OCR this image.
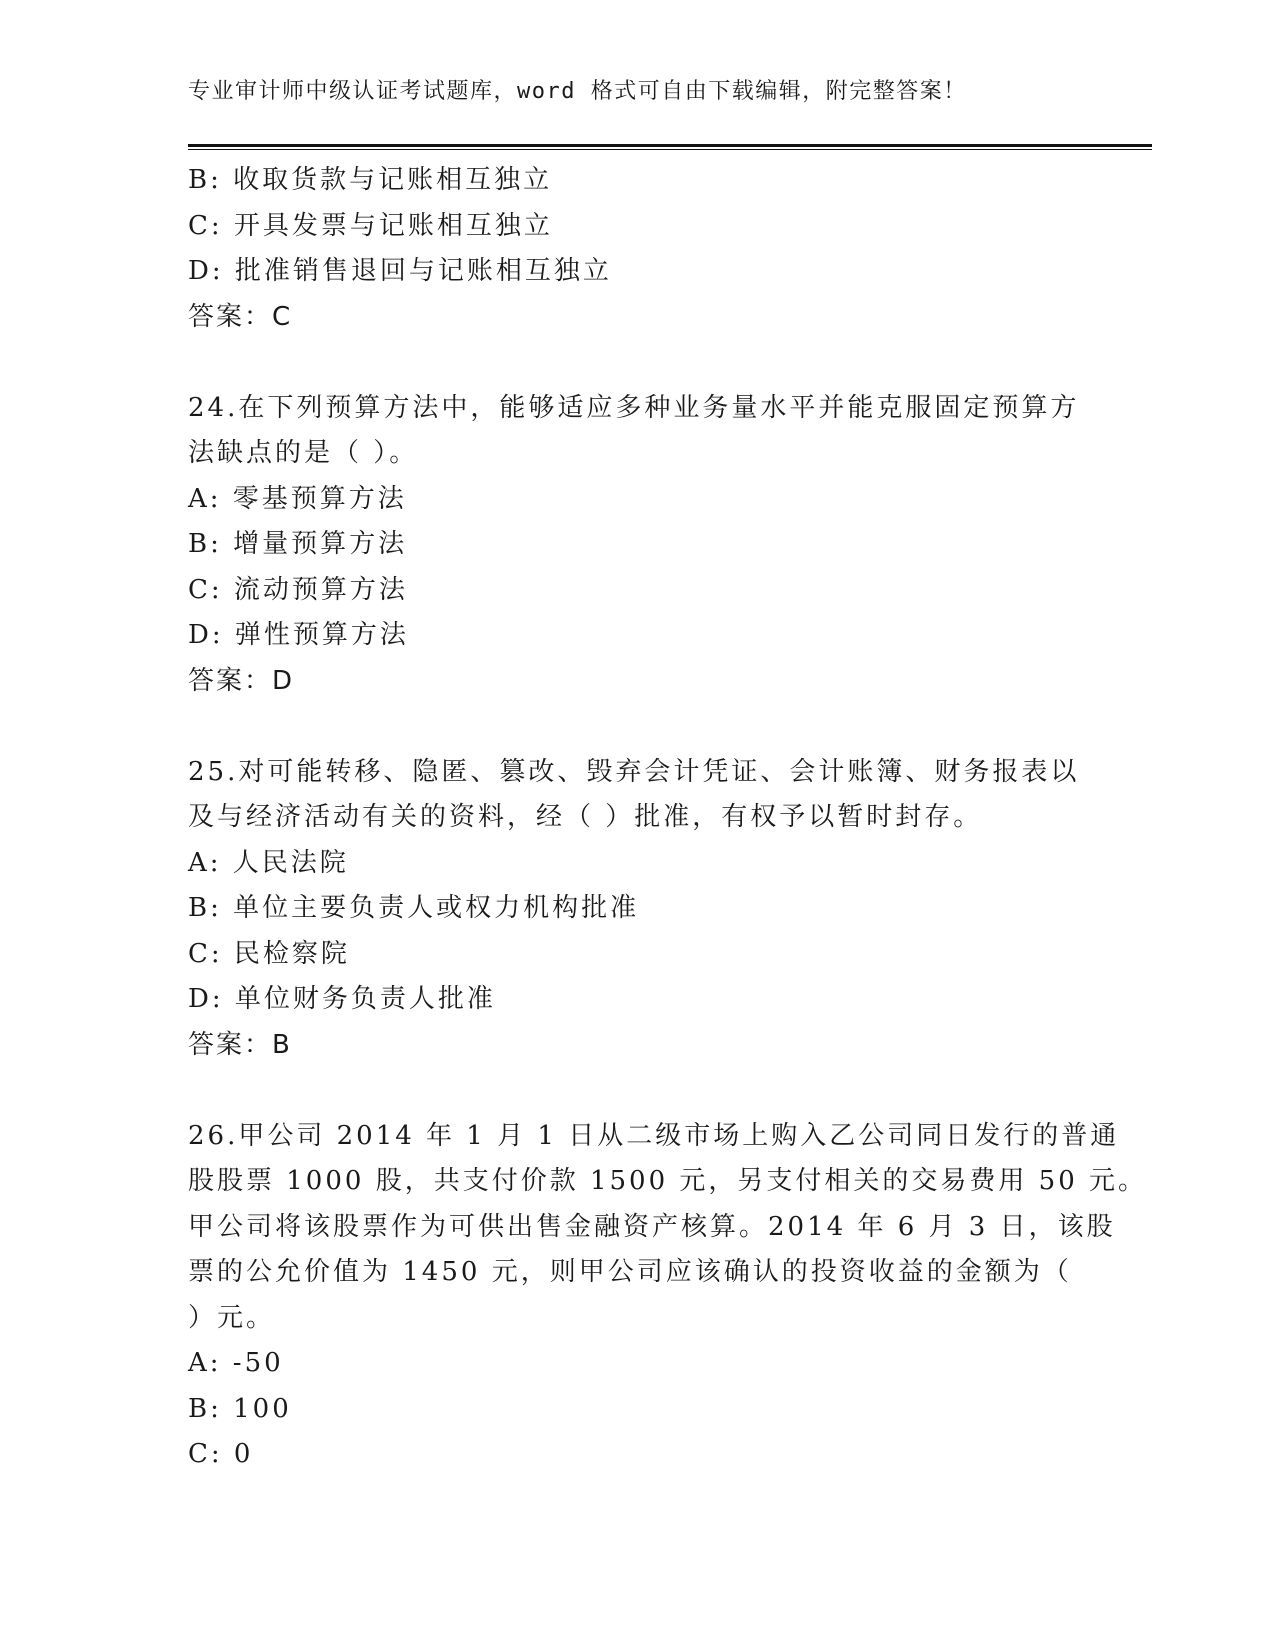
专业审计师中级认证考试题库，word 格式可自由下载编辑，附完整答案！
B: 收取货款与记账相互独立
C: 开具发票与记账相互独立
D: 批准销售退回与记账相互独立
答案：C
24.在下列预算方法中，能够适应多种业务量水平并能克服固定预算方
法缺点的是（ ）。
A: 零基预算方法
B: 增量预算方法
C: 流动预算方法
D: 弹性预算方法
答案：D
25.对可能转移、隐匿、篡改、毁弃会计凭证、会计账簿、财务报表以
及与经济活动有关的资料，经（ ）批准，有权予以暂时封存。
A: 人民法院
B: 单位主要负责人或权力机构批准
C: 民检察院
D: 单位财务负责人批准
答案：B
26.甲公司 2014 年 1 月 1 日从二级市场上购入乙公司同日发行的普通
股股票 1000 股，共支付价款 1500 元，另支付相关的交易费用 50 元。
甲公司将该股票作为可供出售金融资产核算。2014 年 6 月 3 日，该股
票的公允价值为 1450 元，则甲公司应该确认的投资收益的金额为（
）元。
A: -50
B: 100
C: 0
